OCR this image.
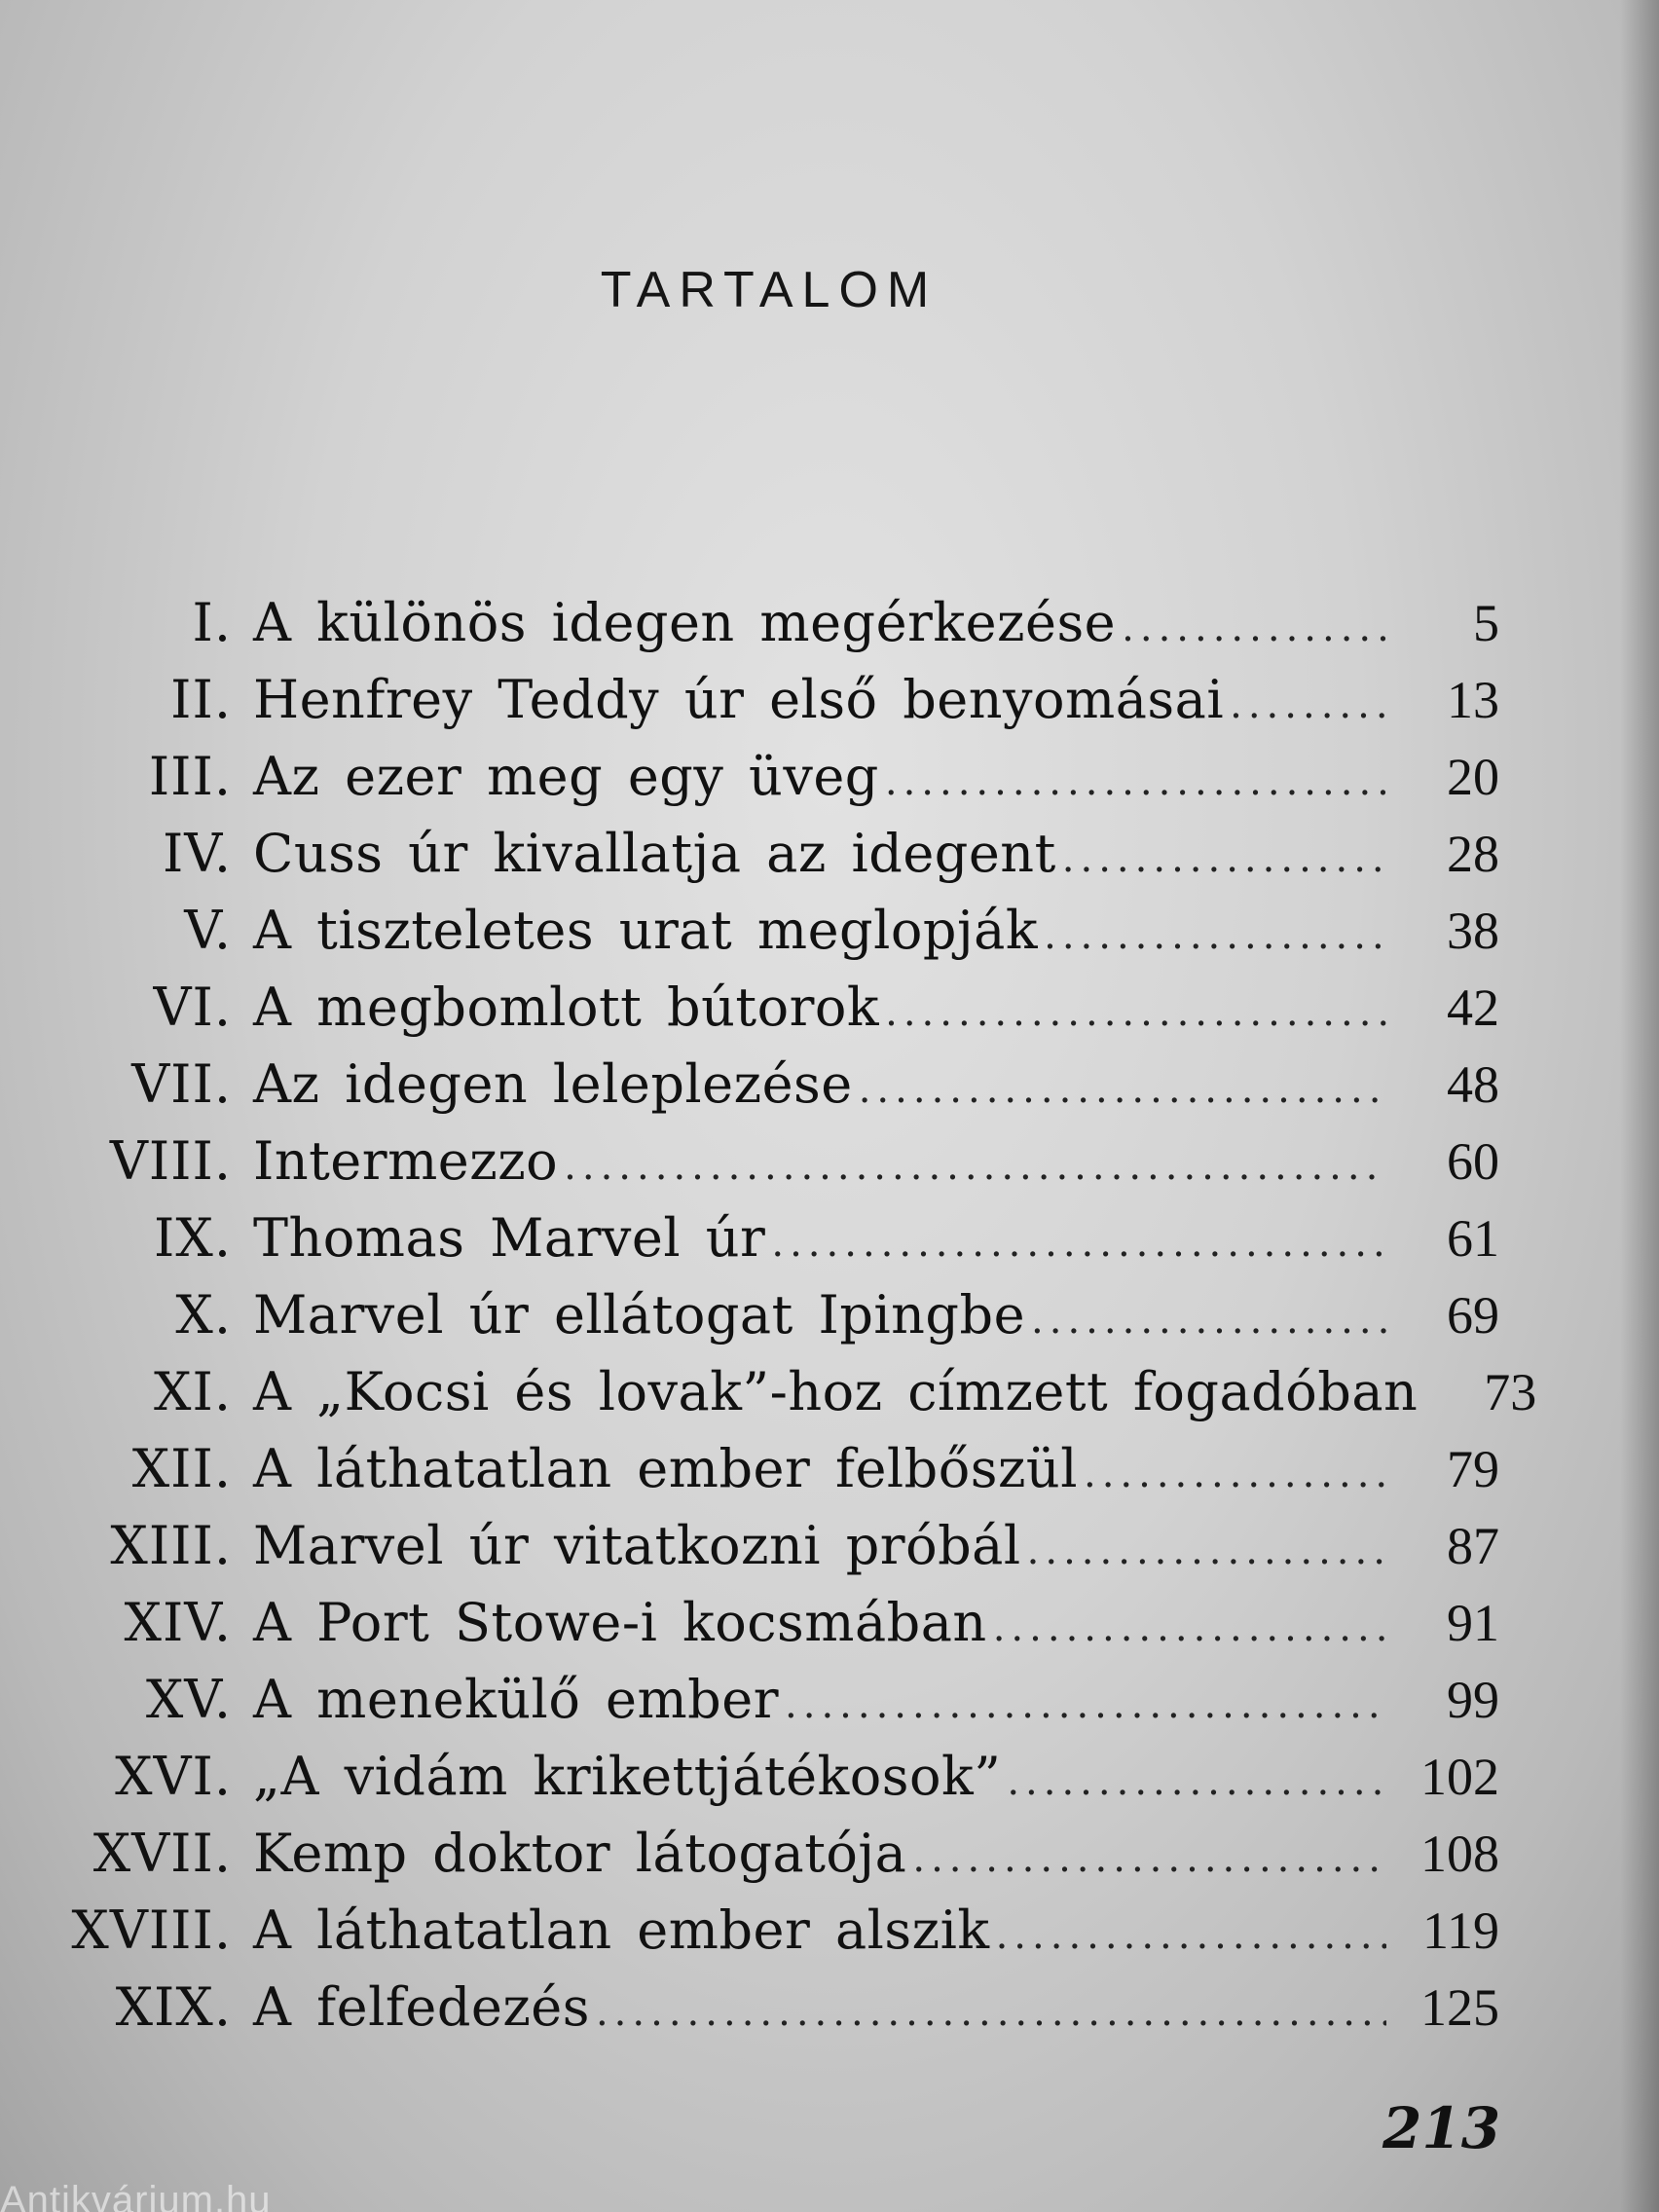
TARTALOM
I. A különös idegen megérkezése .....	5
II. Henfrey Teddy úr első benyomásai .....	13
III. Az ezer meg egy üveg .....	20
IV. Cuss úr kivallatja az idegent .....	28
V. A tiszteletes urat meglopják .....	38
VI. A megbomlott bútorok .....	42
VII. Az idegen leleplezése .....	48
VIII. Intermezzo .....	60
IX. Thomas Marvel úr .....	61
X. Marvel úr ellátogat Ipingbe .....	69
XI. A „Kocsi és lovak”-hoz címzett fogadóban	73
XII. A láthatatlan ember felbőszül .....	79
XIII. Marvel úr vitatkozni próbál .....	87
XIV. A Port Stowe-i kocsmában .....	91
XV. A menekülő ember .....	99
XVI. „A vidám krikettjátékosok” .....	102
XVII. Kemp doktor látogatója .....	108
XVIII. A láthatatlan ember alszik .....	119
XIX. A felfedezés .....	125
213
Antikvárium.hu
